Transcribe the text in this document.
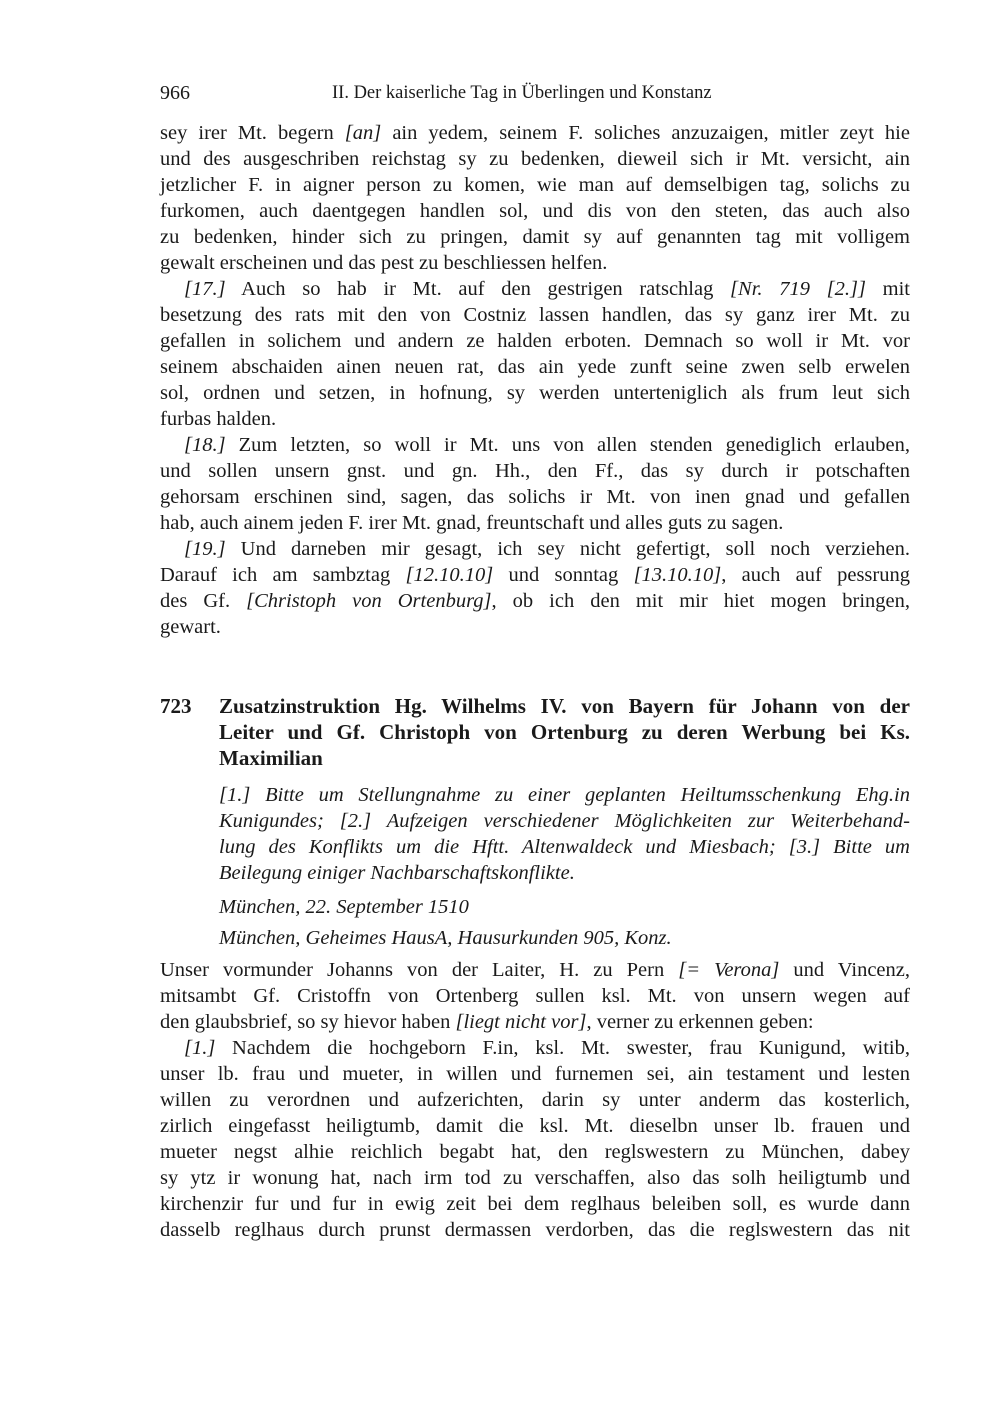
966	II. Der kaiserliche Tag in Überlingen und Konstanz
sey irer Mt. begern [an] ain yedem, seinem F. soliches anzuzaigen, mitler zeyt hie
und des ausgeschriben reichstag sy zu bedenken, dieweil sich ir Mt. versicht, ain
jetzlicher F. in aigner person zu komen, wie man auf demselbigen tag, solichs zu
furkomen, auch daentgegen handlen sol, und dis von den steten, das auch also
zu bedenken, hinder sich zu pringen, damit sy auf genannten tag mit volligem
gewalt erscheinen und das pest zu beschliessen helfen.
[17.] Auch so hab ir Mt. auf den gestrigen ratschlag [Nr. 719 [2.]] mit
besetzung des rats mit den von Costniz lassen handlen, das sy ganz irer Mt. zu
gefallen in solichem und andern ze halden erboten. Demnach so woll ir Mt. vor
seinem abschaiden ainen neuen rat, das ain yede zunft seine zwen selb erwelen
sol, ordnen und setzen, in hofnung, sy werden unterteniglich als frum leut sich
furbas halden.
[18.] Zum letzten, so woll ir Mt. uns von allen stenden genediglich erlauben,
und sollen unsern gnst. und gn. Hh., den Ff., das sy durch ir potschaften
gehorsam erschinen sind, sagen, das solichs ir Mt. von inen gnad und gefallen
hab, auch ainem jeden F. irer Mt. gnad, freuntschaft und alles guts zu sagen.
[19.] Und darneben mir gesagt, ich sey nicht gefertigt, soll noch verziehen.
Darauf ich am sambztag [12.10.10] und sonntag [13.10.10], auch auf pessrung
des Gf. [Christoph von Ortenburg], ob ich den mit mir hiet mogen bringen,
gewart.
723 Zusatzinstruktion Hg. Wilhelms IV. von Bayern für Johann von der
Leiter und Gf. Christoph von Ortenburg zu deren Werbung bei Ks.
Maximilian
[1.] Bitte um Stellungnahme zu einer geplanten Heiltumsschenkung Ehg.in
Kunigundes; [2.] Aufzeigen verschiedener Möglichkeiten zur Weiterbehand-
lung des Konflikts um die Hftt. Altenwaldeck und Miesbach; [3.] Bitte um
Beilegung einiger Nachbarschaftskonflikte.
München, 22. September 1510
München, Geheimes HausA, Hausurkunden 905, Konz.
Unser vormunder Johanns von der Laiter, H. zu Pern [= Verona] und Vincenz,
mitsambt Gf. Cristoffn von Ortenberg sullen ksl. Mt. von unsern wegen auf
den glaubsbrief, so sy hievor haben [liegt nicht vor], verner zu erkennen geben:
[1.] Nachdem die hochgeborn F.in, ksl. Mt. swester, frau Kunigund, witib,
unser lb. frau und mueter, in willen und furnemen sei, ain testament und lesten
willen zu verordnen und aufzerichten, darin sy unter anderm das kosterlich,
zirlich eingefasst heiligtumb, damit die ksl. Mt. dieselbn unser lb. frauen und
mueter negst alhie reichlich begabt hat, den reglswestern zu München, dabey
sy ytz ir wonung hat, nach irm tod zu verschaffen, also das solh heiligtumb und
kirchenzir fur und fur in ewig zeit bei dem reglhaus beleiben soll, es wurde dann
dasselb reglhaus durch prunst dermassen verdorben, das die reglswestern das nit
